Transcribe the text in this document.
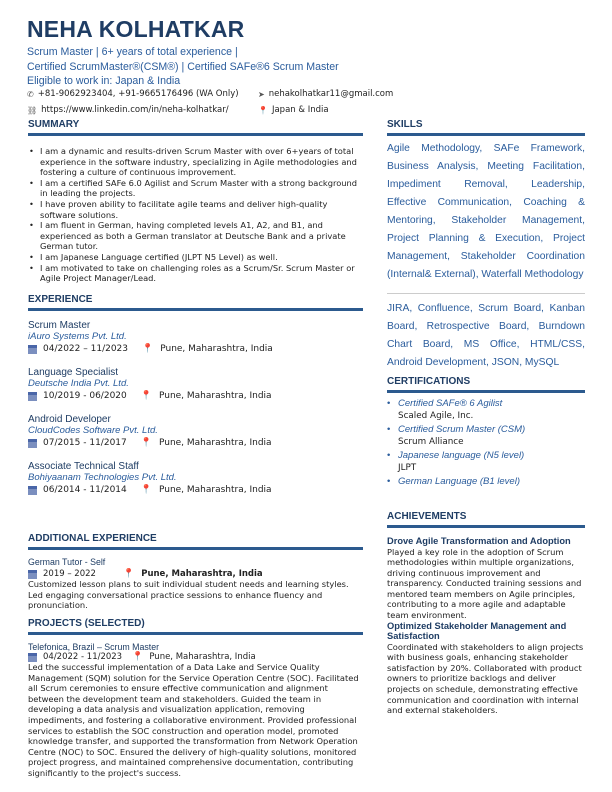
NEHA KOLHATKAR
Scrum Master | 6+ years of total experience |
Certified ScrumMaster®(CSM®) | Certified SAFe®6 Scrum Master
Eligible to work in: Japan & India
✆ +81-9062923404, +91-9665176496 (WA Only) ➤ nehakolhatkar11@gmail.com
⛓ https://www.linkedin.com/in/neha-kolhatkar/	📍 Japan & India
SUMMARY
• I am a dynamic and results-driven Scrum Master with over 6+years of total experience in the software industry, specializing in Agile methodologies and fostering a culture of continuous improvement.
• I am a certified SAFe 6.0 Agilist and Scrum Master with a strong background in leading the projects.
• I have proven ability to facilitate agile teams and deliver high-quality software solutions.
• I am fluent in German, having completed levels A1, A2, and B1, and experienced as both a German translator at Deutsche Bank and a private German tutor.
• I am Japanese Language certified (JLPT N5 Level) as well.
• I am motivated to take on challenging roles as a Scrum/Sr. Scrum Master or Agile Project Manager/Lead.
EXPERIENCE
Scrum Master
iAuro Systems Pvt. Ltd.
04/2022 – 11/2023 📍 Pune, Maharashtra, India
Language Specialist
Deutsche India Pvt. Ltd.
10/2019 - 06/2020 📍 Pune, Maharashtra, India
Android Developer
CloudCodes Software Pvt. Ltd.
07/2015 - 11/2017 📍 Pune, Maharashtra, India
Associate Technical Staff
Bohiyaanam Technologies Pvt. Ltd.
06/2014 - 11/2014 📍 Pune, Maharashtra, India
ADDITIONAL EXPERIENCE
German Tutor - Self
2019 – 2022	📍 Pune, Maharashtra, India
Customized lesson plans to suit individual student needs and learning styles.
Led engaging conversational practice sessions to enhance fluency and pronunciation.
PROJECTS (SELECTED)
Telefonica, Brazil – Scrum Master
04/2022 - 11/2023 📍 Pune, Maharashtra, India
Led the successful implementation of a Data Lake and Service Quality Management (SQM) solution for the Service Operation Centre (SOC). Facilitated all Scrum ceremonies to ensure effective communication and alignment between the development team and stakeholders. Guided the team in developing a data analysis and visualization application, removing impediments, and fostering a collaborative environment. Provided professional services to establish the SOC construction and operation model, promoted knowledge transfer, and supported the transformation from Network Operation Centre (NOC) to SOC. Ensured the delivery of high-quality solutions, monitored project progress, and maintained comprehensive documentation, contributing significantly to the project's success.
SKILLS
Agile Methodology, SAFe Framework, Business Analysis, Meeting Facilitation, Impediment Removal, Leadership, Effective Communication, Coaching & Mentoring, Stakeholder Management, Project Planning & Execution, Project Management, Stakeholder Coordination (Internal& External), Waterfall Methodology
JIRA, Confluence, Scrum Board, Kanban Board, Retrospective Board, Burndown Chart Board, MS Office, HTML/CSS, Android Development, JSON, MySQL
CERTIFICATIONS
• Certified SAFe® 6 Agilist
Scaled Agile, Inc.
• Certified Scrum Master (CSM)
Scrum Alliance
• Japanese language (N5 level)
JLPT
• German Language (B1 level)
ACHIEVEMENTS
Drove Agile Transformation and Adoption
Played a key role in the adoption of Scrum methodologies within multiple organizations, driving continuous improvement and transparency. Conducted training sessions and mentored team members on Agile principles, contributing to a more agile and adaptable team environment.
Optimized Stakeholder Management and Satisfaction
Coordinated with stakeholders to align projects with business goals, enhancing stakeholder satisfaction by 20%. Collaborated with product owners to prioritize backlogs and deliver projects on schedule, demonstrating effective communication and coordination with internal and external stakeholders.
